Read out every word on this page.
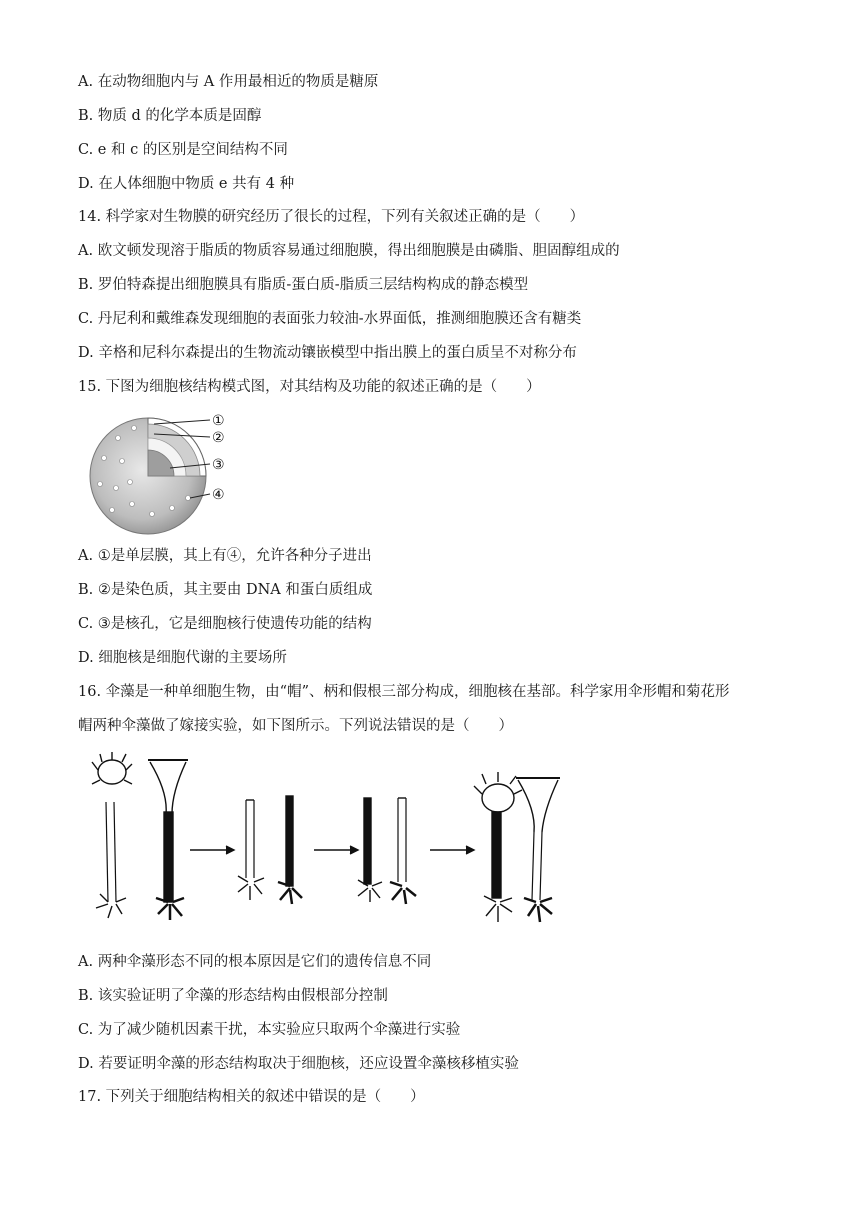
A. 在动物细胞内与 A 作用最相近的物质是糖原
B. 物质 d 的化学本质是固醇
C. e 和 c 的区别是空间结构不同
D. 在人体细胞中物质 e 共有 4 种
14. 科学家对生物膜的研究经历了很长的过程，下列有关叙述正确的是（　　）
A. 欧文顿发现溶于脂质的物质容易通过细胞膜，得出细胞膜是由磷脂、胆固醇组成的
B. 罗伯特森提出细胞膜具有脂质-蛋白质-脂质三层结构构成的静态模型
C. 丹尼利和戴维森发现细胞的表面张力较油-水界面低，推测细胞膜还含有糖类
D. 辛格和尼科尔森提出的生物流动镶嵌模型中指出膜上的蛋白质呈不对称分布
15. 下图为细胞核结构模式图，对其结构及功能的叙述正确的是（　　）
①
②
③
④
A. ①是单层膜，其上有④，允许各种分子进出
B. ②是染色质，其主要由 DNA 和蛋白质组成
C. ③是核孔，它是细胞核行使遗传功能的结构
D. 细胞核是细胞代谢的主要场所
16. 伞藻是一种单细胞生物，由“帽”、柄和假根三部分构成，细胞核在基部。科学家用伞形帽和菊花形
帽两种伞藻做了嫁接实验，如下图所示。下列说法错误的是（　　）
A. 两种伞藻形态不同的根本原因是它们的遗传信息不同
B. 该实验证明了伞藻的形态结构由假根部分控制
C. 为了减少随机因素干扰，本实验应只取两个伞藻进行实验
D. 若要证明伞藻的形态结构取决于细胞核，还应设置伞藻核移植实验
17. 下列关于细胞结构相关的叙述中错误的是（　　）
